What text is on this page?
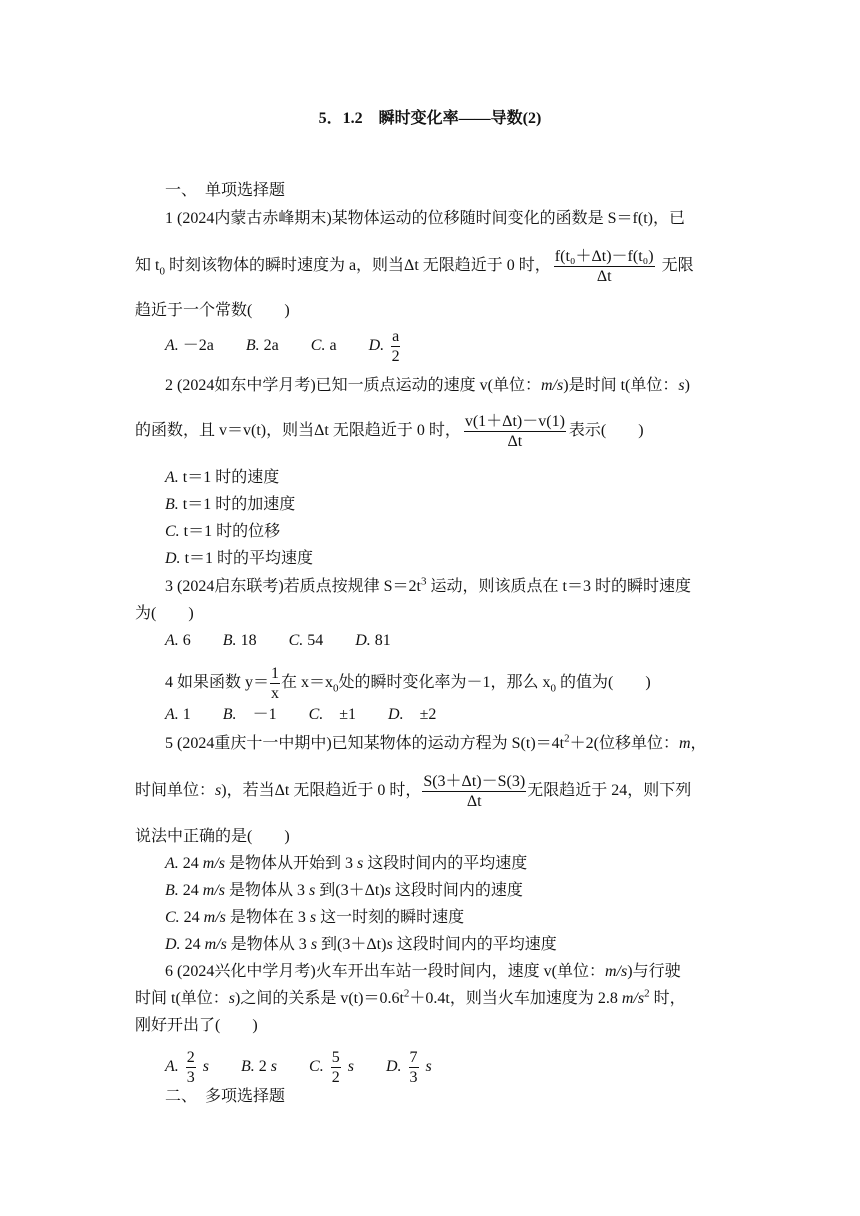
5．1.2　瞬时变化率——导数(2)
一、　单项选择题
1 (2024内蒙古赤峰期末)某物体运动的位移随时间变化的函数是 S＝f(t)，已
知 $t_0$ 时刻该物体的瞬时速度为 a，则当Δt 无限趋近于 0 时， $\frac{\text{f(t₀＋Δt)－f(t₀)}}{\Delta t}$ 无限
趋近于一个常数(　　)
A. －2a B. 2a C. a D. $\frac{a}{2}$
2 (2024如东中学月考)已知一质点运动的速度 v(单位：m/s)是时间 t(单位：s)
的函数，且 v＝v(t)，则当Δt 无限趋近于 0 时， $\frac{v(1+\Delta t)-v(1)}{\Delta t}$ 表示(　　)
A. t＝1 时的速度
B. t＝1 时的加速度
C. t＝1 时的位移
D. t＝1 时的平均速度
3 (2024启东联考)若质点按规律 $S=2t^3$ 运动，则该质点在 t＝3 时的瞬时速度
为(　　)
A. 6 B. 18 C. 54 D. 81
4 如果函数 $y= \frac{1}{x}$ 在 $x=x_0$处的瞬时变化率为－1，那么 $x_0$ 的值为(　　)
A. 1 B.　－1 C.　±1 D.　±2
5 (2024重庆十一中期中)已知某物体的运动方程为 $S(t)=4t^2+2$(位移单位：m，
时间单位：s)，若当Δt 无限趋近于 0 时， $\frac{S(3+\Delta t)-S(3)}{\Delta t}$ 无限趋近于 24，则下列
说法中正确的是(　　)
A. 24 m/s 是物体从开始到 3 s 这段时间内的平均速度
B. 24 m/s 是物体从 3 s 到(3＋Δt)s 这段时间内的速度
C. 24 m/s 是物体在 3 s 这一时刻的瞬时速度
D. 24 m/s 是物体从 3 s 到(3＋Δt)s 这段时间内的平均速度
6 (2024兴化中学月考)火车开出车站一段时间内，速度 v(单位：m/s)与行驶
时间 t(单位：s)之间的关系是 $v(t)=0.6t^2+0.4t$，则当火车加速度为 2.8 $m/s^2$ 时，
刚好开出了(　　)
A. $\frac{2}{3}$ s B. 2 s C. $\frac{5}{2}$ s D. $\frac{7}{3}$ s
二、　多项选择题
